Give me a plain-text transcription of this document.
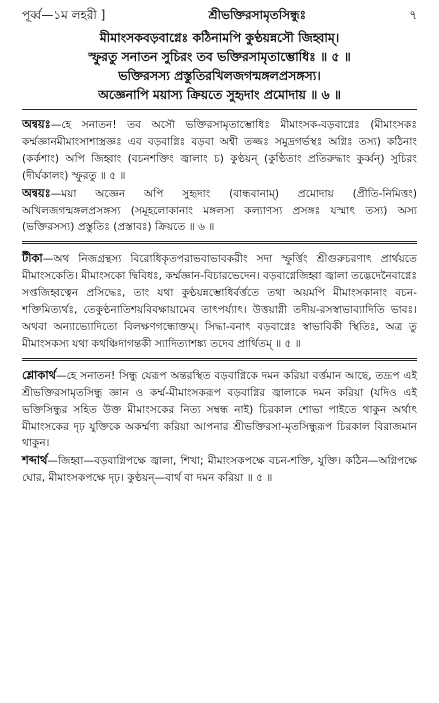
পূর্ব্ব—১ম লহরী ]	শ্রীভক্তিরসামৃতসিন্ধুঃ	৭
মীমাংসকবড়বাগ্নেঃ কঠিনামপি কুণ্ঠয়ন্নসৌ জিহ্বাম্‌।
স্ফুরতু সনাতন সুচিরং তব ভক্তিরসামৃতাম্ভোধিঃ ॥ ৫ ॥
ভক্তিরসস্য প্রস্তুতিরখিলজগন্মঙ্গলপ্রসঙ্গস্য।
অজ্ঞেনাপি ময়াস্য ক্রিয়তে সুহৃদাং প্রমোদায় ॥ ৬ ॥

অন্বয়ঃ—হে সনাতন! তব অসৌ ভক্তিরসামৃতাম্ভোধিঃ মীমাংসক-বড়বাগ্নেঃ (মীমাংসকঃ কর্ম্মজ্ঞানমীমাংসাশাস্ত্রজ্ঞঃ এব বড়বাগ্নিঃ বড়বা অশ্বী তজ্জঃ সমুদ্রগর্ভস্থঃ অগ্নিঃ তস্য) কঠিনাং (কর্কশাং) অপি জিহ্বাং (বচনশক্তিং জ্বালাং চ) কুণ্ঠয়ন্ (কুণ্ঠিতাং প্রতিরুদ্ধাং কুর্ব্বন্) সুচিরং (দীর্ঘকালং) স্ফুরতু ॥ ৫ ॥

অন্বয়ঃ—ময়া অজ্ঞেন অপি সুহৃদাং (বান্ধবানাম্) প্রমোদায় (প্রীতি-নিমিত্তং) অখিলজগন্মঙ্গলপ্রসঙ্গস্য (সমূহলোকানাং মঙ্গলস্য কল্যাণস্য প্রসঙ্গঃ যস্মাৎ তস্য) অস্য (ভক্তিরসস্য) প্রস্তুতিঃ (প্রস্তাবঃ) ক্রিয়তে ॥ ৬ ॥

টীকা—অথ নিজগ্রন্থস্য বিরোধিকৃতপরাভবাভাবকরীং সদা স্ফুর্ত্তিং শ্রীগুরুচরণাৎ প্রার্থয়তে মীমাংসকেতি। মীমাংসকো দ্বিবিধঃ, কর্ম্মজ্ঞান-বিচারভেদেন। বড়বাগ্নেজিহ্বা জ্বালা তদ্ভেদেনৈবাগ্নেঃ সপ্তজিহ্বত্বেন প্রসিদ্ধেঃ, তাং যথা কুণ্ঠয়ন্নম্ভোধির্বর্ত্ততে তথা অয়মপি মীমাংসকানাং বচন-শক্তিমিত্যর্থঃ, তেকুণ্ঠনাতিশয়বিবক্ষায়ামেব তাৎপর্য্যাৎ। উত্তয়াগ্নী তদীয়-রসস্বাভাব্যাদিতি ভাবঃ। অথবা অন্যাভ্যোদিতো বিলক্ষণগন্ধোক্তম্। সিদ্ধা-বনাৎ বড়বাগ্নেঃ স্বাভাবিকী স্থিতিঃ, অত্র তু মীমাংসকস্য যথা কথঞ্চিদাগন্তকী স্যাদিত্যাশঙ্ক্য তদেব প্রার্থিতম্ ॥ ৫ ॥

শ্লোকার্থ—হে সনাতন! সিন্ধু যেরূপ অন্তরস্থিত বড়বাগ্নিকে দমন করিয়া বর্ত্তমান আছে, তদ্রূপ এই শ্রীভক্তিরসামৃতসিন্ধু জ্ঞান ও কর্ম্ম-মীমাংসকরূপ বড়বাগ্নির জ্বালাকে দমন করিয়া (যদিও এই ভক্তিসিন্ধুর সহিত উক্ত মীমাংসকের নিত্য সম্বন্ধ নাই) চিরকাল শোভা পাইতে থাকুন অর্থাৎ মীমাংসকের দৃঢ় যুক্তিকে অকর্ম্মণ্য করিয়া আপনার শ্রীভক্তিরসা-মৃতসিন্ধুরূপ চিরকাল বিরাজমান থাকুন।

শব্দার্থ—জিহ্বা—বড়বাগ্নিপক্ষে জ্বালা, শিখা; মীমাংসকপক্ষে বচন-শক্তি, যুক্তি। কঠিন—অগ্নিপক্ষে ঘোর, মীমাংসকপক্ষে দৃঢ়। কুণ্ঠয়ন্—বার্থ বা দমন করিয়া ॥ ৫ ॥
